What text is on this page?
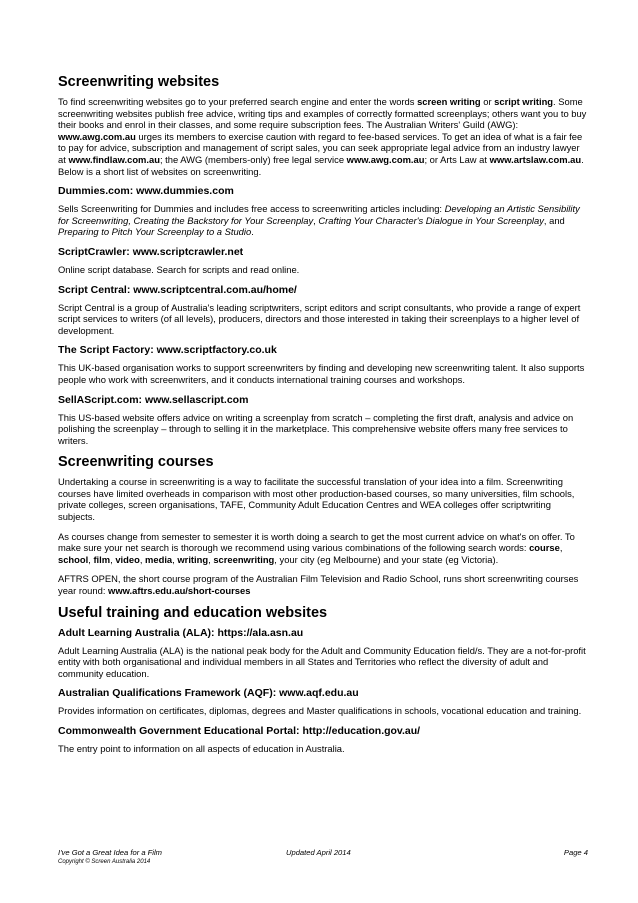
Screenwriting websites

To find screenwriting websites go to your preferred search engine and enter the words screen writing or script writing. Some screenwriting websites publish free advice, writing tips and examples of correctly formatted screenplays; others want you to buy their books and enrol in their classes, and some require subscription fees. The Australian Writers' Guild (AWG): www.awg.com.au urges its members to exercise caution with regard to fee-based services. To get an idea of what is a fair fee to pay for advice, subscription and management of script sales, you can seek appropriate legal advice from an industry lawyer at www.findlaw.com.au; the AWG (members-only) free legal service www.awg.com.au; or Arts Law at www.artslaw.com.au. Below is a short list of websites on screenwriting.

Dummies.com: www.dummies.com

Sells Screenwriting for Dummies and includes free access to screenwriting articles including: Developing an Artistic Sensibility for Screenwriting, Creating the Backstory for Your Screenplay, Crafting Your Character's Dialogue in Your Screenplay, and Preparing to Pitch Your Screenplay to a Studio.

ScriptCrawler: www.scriptcrawler.net

Online script database. Search for scripts and read online.

Script Central: www.scriptcentral.com.au/home/

Script Central is a group of Australia's leading scriptwriters, script editors and script consultants, who provide a range of expert script services to writers (of all levels), producers, directors and those interested in taking their screenplays to a higher level of development.

The Script Factory: www.scriptfactory.co.uk

This UK-based organisation works to support screenwriters by finding and developing new screenwriting talent. It also supports people who work with screenwriters, and it conducts international training courses and workshops.

SellAScript.com: www.sellascript.com

This US-based website offers advice on writing a screenplay from scratch – completing the first draft, analysis and advice on polishing the screenplay – through to selling it in the marketplace. This comprehensive website offers many free services to writers.

Screenwriting courses

Undertaking a course in screenwriting is a way to facilitate the successful translation of your idea into a film. Screenwriting courses have limited overheads in comparison with most other production-based courses, so many universities, film schools, private colleges, screen organisations, TAFE, Community Adult Education Centres and WEA colleges offer scriptwriting subjects.

As courses change from semester to semester it is worth doing a search to get the most current advice on what's on offer. To make sure your net search is thorough we recommend using various combinations of the following search words: course, school, film, video, media, writing, screenwriting, your city (eg Melbourne) and your state (eg Victoria).

AFTRS OPEN, the short course program of the Australian Film Television and Radio School, runs short screenwriting courses year round: www.aftrs.edu.au/short-courses

Useful training and education websites
Adult Learning Australia (ALA): https://ala.asn.au

Adult Learning Australia (ALA) is the national peak body for the Adult and Community Education field/s. They are a not-for-profit entity with both organisational and individual members in all States and Territories who reflect the diversity of adult and community education.

Australian Qualifications Framework (AQF): www.aqf.edu.au

Provides information on certificates, diplomas, degrees and Master qualifications in schools, vocational education and training.

Commonwealth Government Educational Portal: http://education.gov.au/

The entry point to information on all aspects of education in Australia.

I've Got a Great Idea for a Film	Updated April 2014	Page 4
Copyright © Screen Australia 2014
